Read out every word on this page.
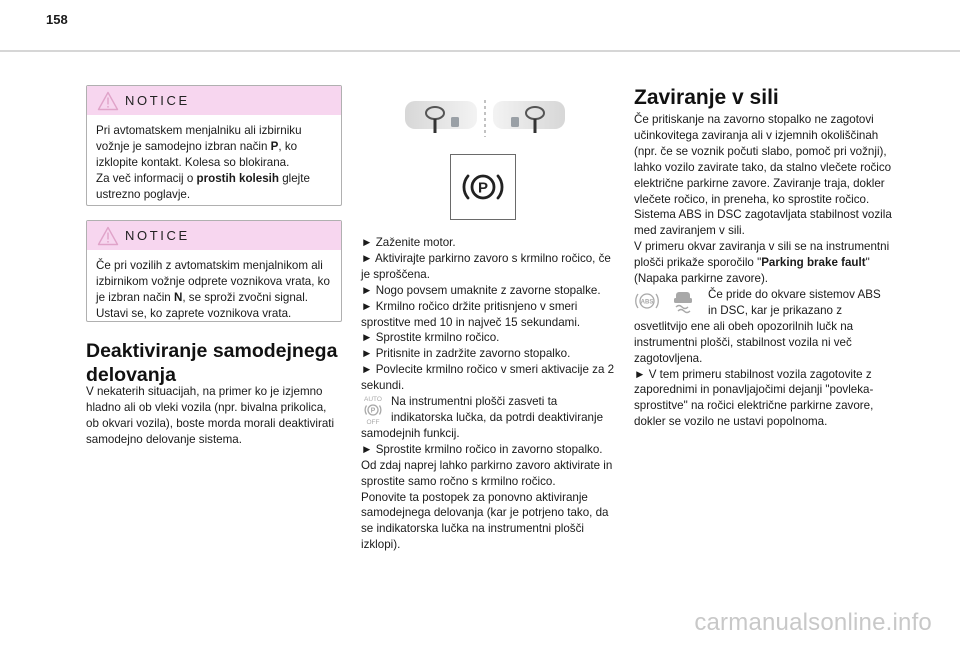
158
NOTICE

Pri avtomatskem menjalniku ali izbirniku vožnje je samodejno izbran način P, ko izklopite kontakt. Kolesa so blokirana.
Za več informacij o prostih kolesih glejte ustrezno poglavje.

NOTICE

Če pri vozilih z avtomatskim menjalnikom ali izbirnikom vožnje odprete voznikova vrata, ko je izbran način N, se sproži zvočni signal.
Ustavi se, ko zaprete voznikova vrata.

Deaktiviranje samodejnega
delovanja

V nekaterih situacijah, na primer ko je izjemno hladno ali ob vleki vozila (npr. bivalna prikolica, ob okvari vozila), boste morda morali deaktivirati samodejno delovanje sistema.

P

► Zaženite motor.
► Aktivirajte parkirno zavoro s krmilno ročico, če je sproščena.
► Nogo povsem umaknite z zavorne stopalke.
► Krmilno ročico držite pritisnjeno v smeri sprostitve med 10 in največ 15 sekundami.
► Sprostite krmilno ročico.
► Pritisnite in zadržite zavorno stopalko.
► Povlecite krmilno ročico v smeri aktivacije za 2 sekundi.

AUTO
P
OFF
Na instrumentni plošči zasveti ta indikatorska lučka, da potrdi deaktiviranje samodejnih funkcij.

► Sprostite krmilno ročico in zavorno stopalko.
Od zdaj naprej lahko parkirno zavoro aktivirate in sprostite samo ročno s krmilno ročico.
Ponovite ta postopek za ponovno aktiviranje samodejnega delovanja (kar je potrjeno tako, da se indikatorska lučka na instrumentni plošči izklopi).

Zaviranje v sili

Če pritiskanje na zavorno stopalko ne zagotovi učinkovitega zaviranja ali v izjemnih okoliščinah (npr. če se voznik počuti slabo, pomoč pri vožnji), lahko vozilo zavirate tako, da stalno vlečete ročico električne parkirne zavore. Zaviranje traja, dokler vlečete ročico, in preneha, ko sprostite ročico.
Sistema ABS in DSC zagotavljata stabilnost vozila med zaviranjem v sili.
V primeru okvar zaviranja v sili se na instrumentni plošči prikaže sporočilo "Parking brake fault" (Napaka parkirne zavore).

ABS
Če pride do okvare sistemov ABS in DSC, kar je prikazano z osvetlitvijo ene ali obeh opozorilnih lučk na instrumentni plošči, stabilnost vozila ni več zagotovljena.

► V tem primeru stabilnost vozila zagotovite z zaporednimi in ponavljajočimi dejanji "povleka-sprostitve" na ročici električne parkirne zavore, dokler se vozilo ne ustavi popolnoma.

carmanualsonline.info
